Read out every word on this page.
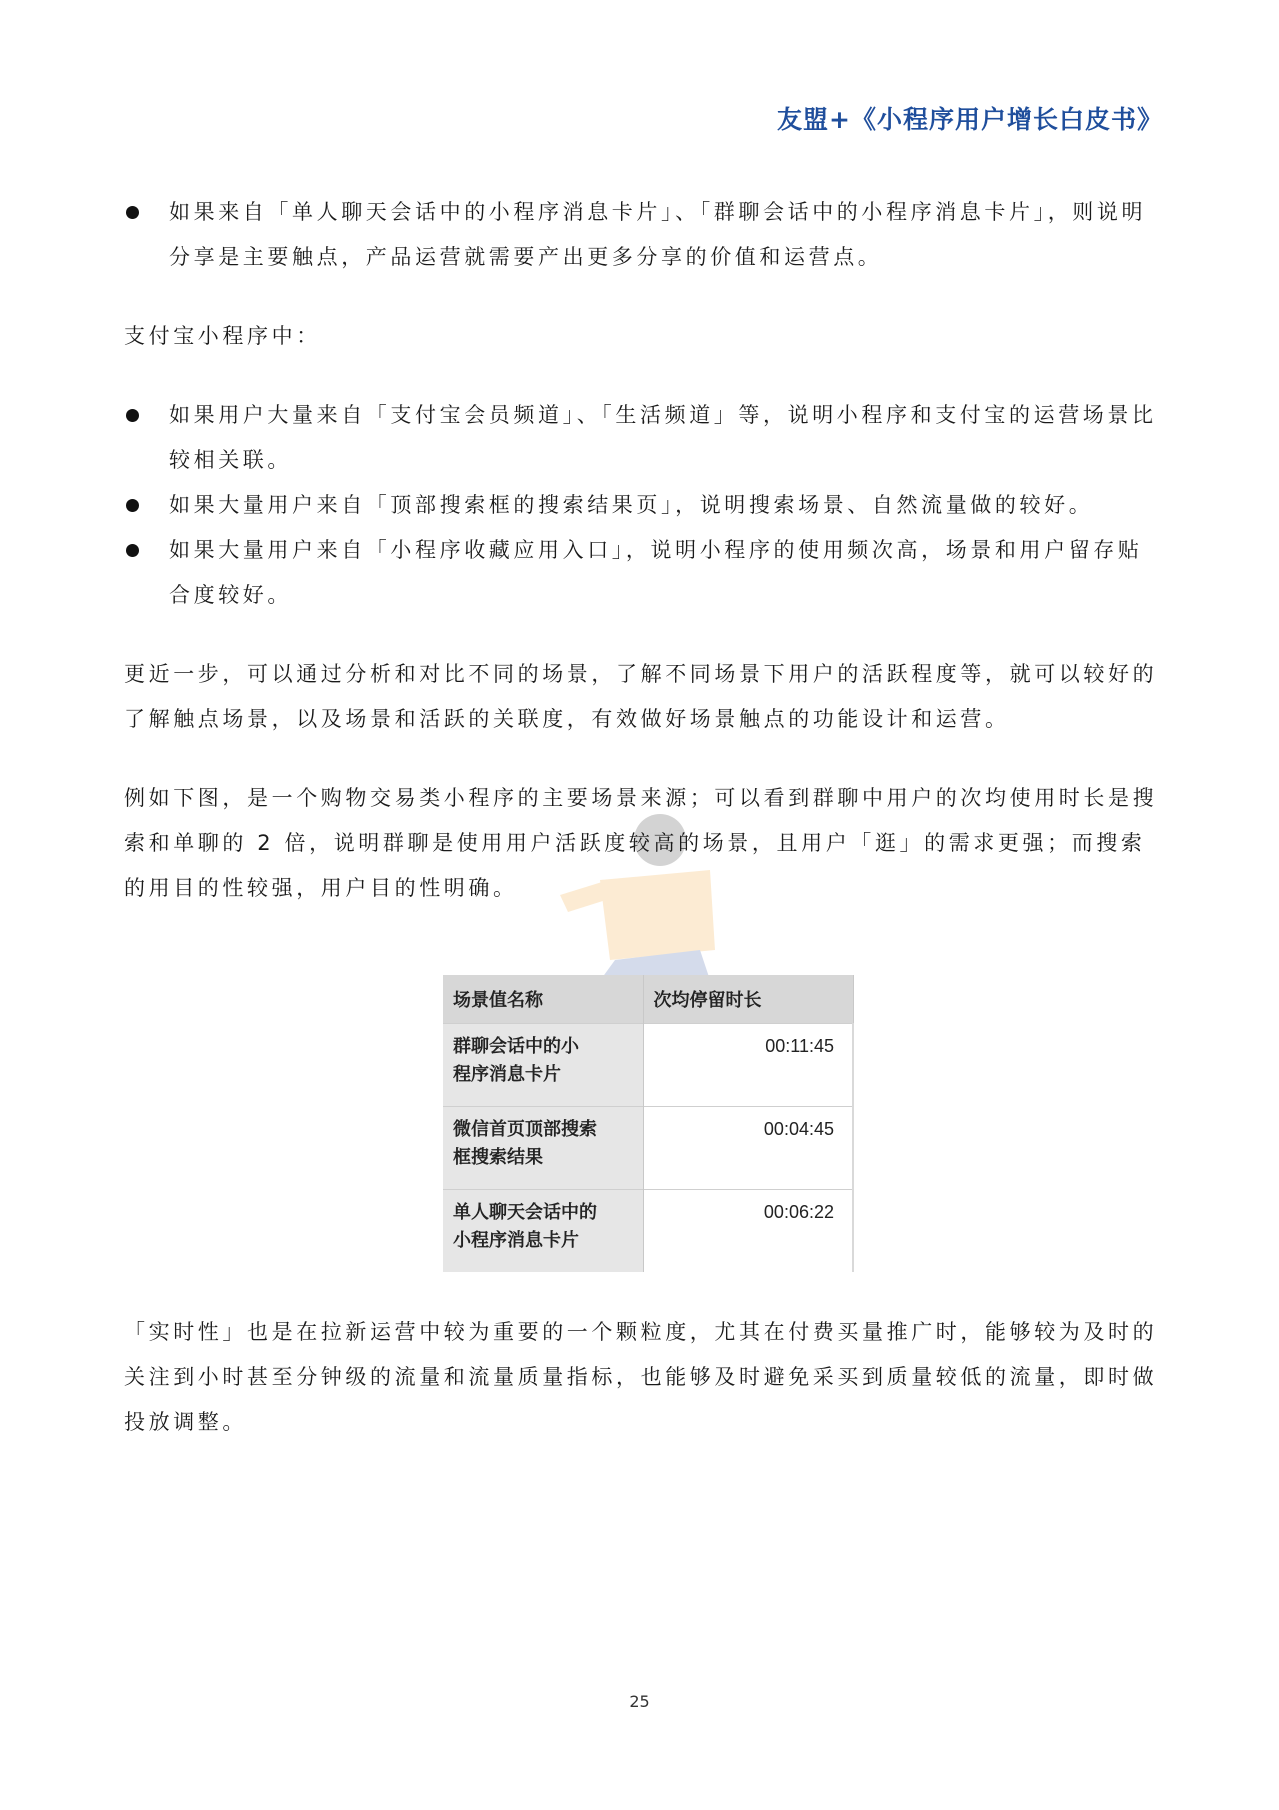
友盟+《小程序用户增长白皮书》
如果来自「单人聊天会话中的小程序消息卡片」、「群聊会话中的小程序消息卡片」，则说明分享是主要触点，产品运营就需要产出更多分享的价值和运营点。

支付宝小程序中：

如果用户大量来自「支付宝会员频道」、「生活频道」等，说明小程序和支付宝的运营场景比较相关联。
如果大量用户来自「顶部搜索框的搜索结果页」，说明搜索场景、自然流量做的较好。
如果大量用户来自「小程序收藏应用入口」，说明小程序的使用频次高，场景和用户留存贴合度较好。

更近一步，可以通过分析和对比不同的场景，了解不同场景下用户的活跃程度等，就可以较好的了解触点场景，以及场景和活跃的关联度，有效做好场景触点的功能设计和运营。

例如下图，是一个购物交易类小程序的主要场景来源；可以看到群聊中用户的次均使用时长是搜索和单聊的 2 倍，说明群聊是使用用户活跃度较高的场景，且用户「逛」的需求更强；而搜索的用目的性较强，用户目的性明确。

场景值名称	次均停留时长

群聊会话中的小
程序消息卡片	00:11:45

微信首页顶部搜索
框搜索结果	00:04:45

单人聊天会话中的
小程序消息卡片	00:06:22

「实时性」也是在拉新运营中较为重要的一个颗粒度，尤其在付费买量推广时，能够较为及时的关注到小时甚至分钟级的流量和流量质量指标，也能够及时避免采买到质量较低的流量，即时做投放调整。

25
